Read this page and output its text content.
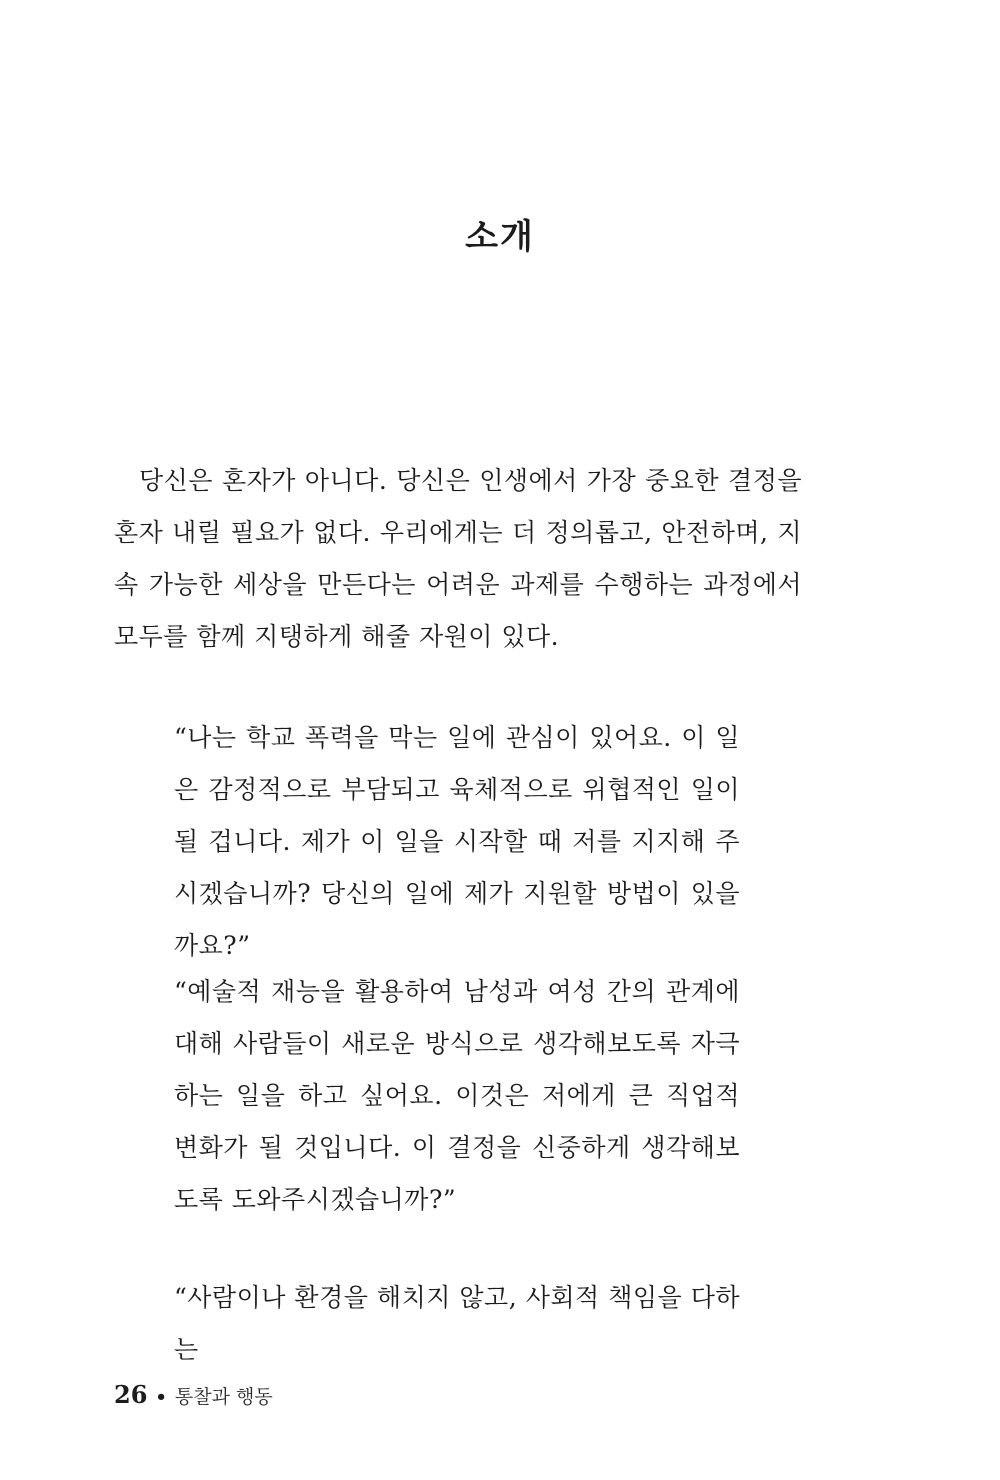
소개

당신은 혼자가 아니다. 당신은 인생에서 가장 중요한 결정을 혼자 내릴 필요가 없다. 우리에게는 더 정의롭고, 안전하며, 지속 가능한 세상을 만든다는 어려운 과제를 수행하는 과정에서 모두를 함께 지탱하게 해줄 자원이 있다.

“나는 학교 폭력을 막는 일에 관심이 있어요. 이 일은 감정적으로 부담되고 육체적으로 위협적인 일이 될 겁니다. 제가 이 일을 시작할 때 저를 지지해 주시겠습니까? 당신의 일에 제가 지원할 방법이 있을까요?”

“예술적 재능을 활용하여 남성과 여성 간의 관계에 대해 사람들이 새로운 방식으로 생각해보도록 자극하는 일을 하고 싶어요. 이것은 저에게 큰 직업적 변화가 될 것입니다. 이 결정을 신중하게 생각해보도록 도와주시겠습니까?”

“사람이나 환경을 해치지 않고, 사회적 책임을 다하는

26 • 통찰과 행동
